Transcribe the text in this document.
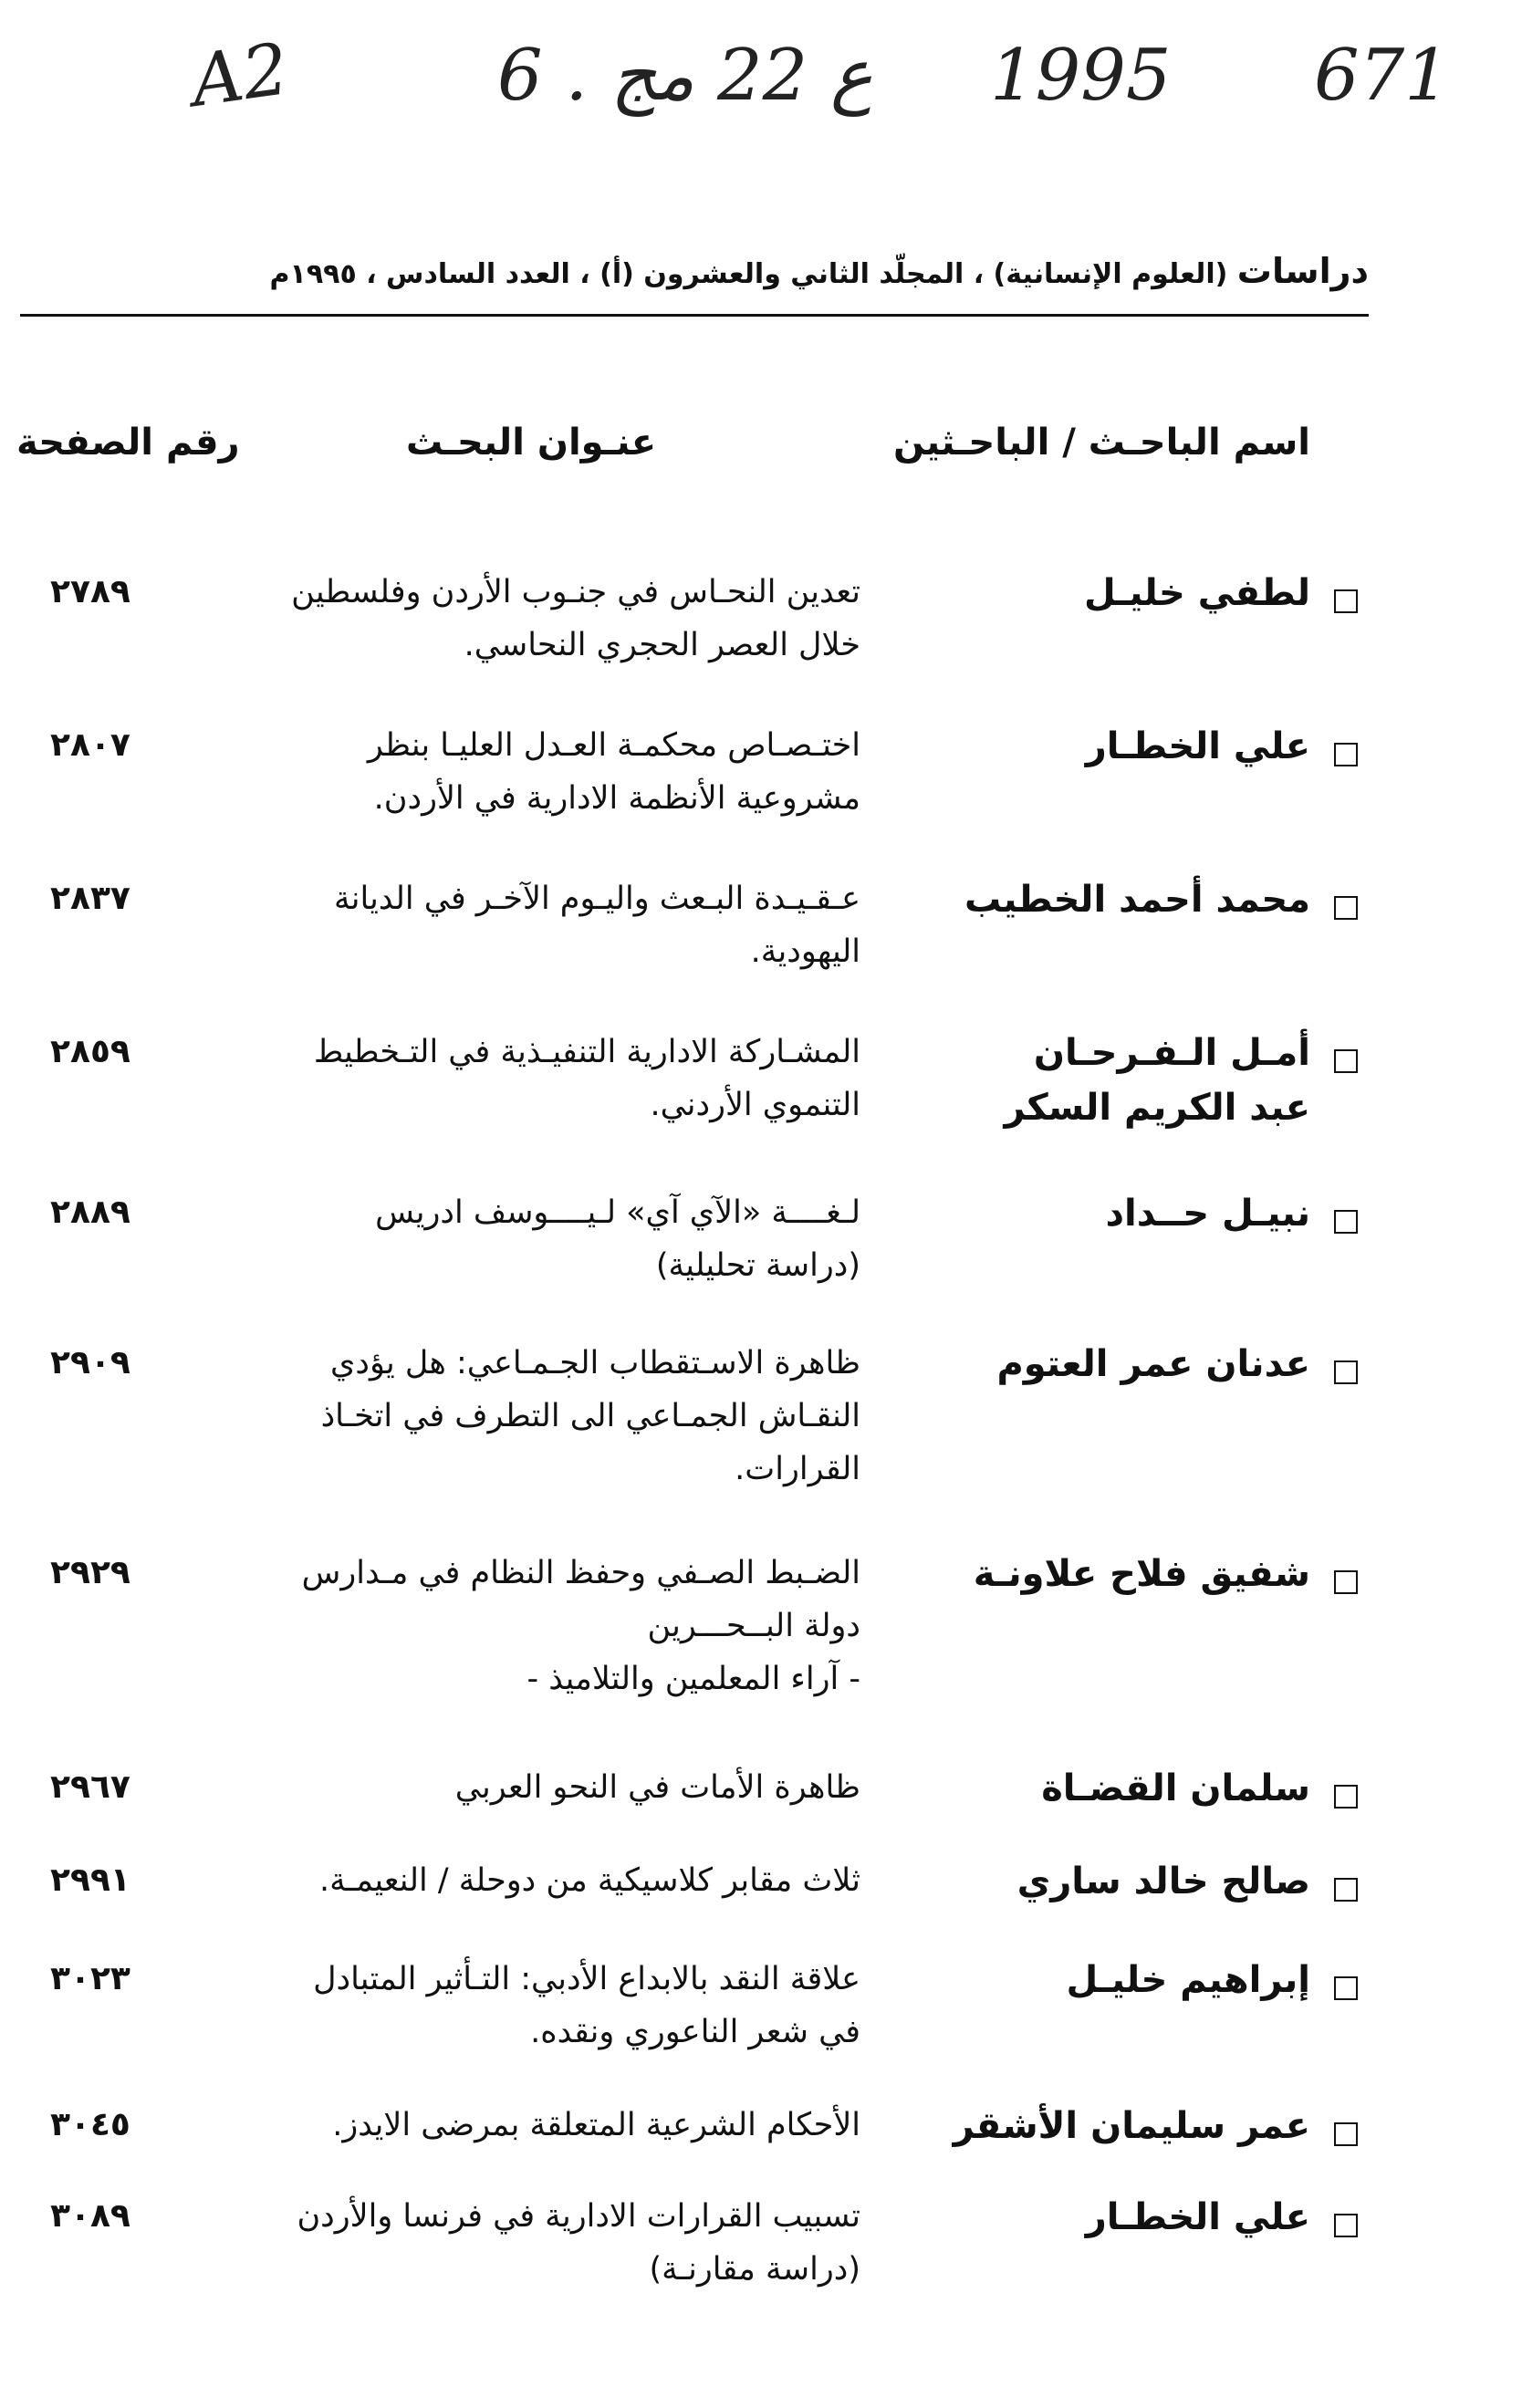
A2	6 . ع 22 مج 1995 671
دراسات (العلوم الإنسانية) ، المجلّد الثاني والعشرون (أ) ، العدد السادس ، ١٩٩٥م
اسم الباحـث / الباحـثين
عنـوان البحـث
رقم الصفحة
لطفي خليـل
تعدين النحـاس في جنـوب الأردن وفلسطين
خلال العصر الحجري النحاسي.
٢٧٨٩
علي الخطـار
اختـصـاص محكمـة العـدل العليـا بنظر
مشروعية الأنظمة الادارية في الأردن.
٢٨٠٧
محمد أحمد الخطيب
عـقـيـدة البـعث واليـوم الآخـر في الديانة
اليهودية.
٢٨٣٧
أمـل الـفـرحـان
عبد الكريم السكر
المشـاركة الادارية التنفيـذية في التـخطيط
التنموي الأردني.
٢٨٥٩
نبيـل حــداد
لـغــــة «الآي آي» لـيــــوسف ادريس
(دراسة تحليلية)
٢٨٨٩
عدنان عمر العتوم
ظاهرة الاسـتقطاب الجـمـاعي: هل يؤدي
النقـاش الجمـاعي الى التطرف في اتخـاذ
القرارات.
٢٩٠٩
شفيق فلاح علاونـة
الضـبط الصـفي وحفظ النظام في مـدارس
دولة البــحـــرين
- آراء المعلمين والتلاميذ -
٢٩٢٩
سلمان القضـاة
ظاهرة الأمات في النحو العربي
٢٩٦٧
صالح خالد ساري
ثلاث مقابر كلاسيكية من دوحلة / النعيمـة.
٢٩٩١
إبراهيم خليـل
علاقة النقد بالابداع الأدبي: التـأثير المتبادل
في شعر الناعوري ونقده.
٣٠٢٣
عمر سليمان الأشقر
الأحكام الشرعية المتعلقة بمرضى الايدز.
٣٠٤٥
علي الخطـار
تسبيب القرارات الادارية في فرنسا والأردن
(دراسة مقارنـة)
٣٠٨٩
